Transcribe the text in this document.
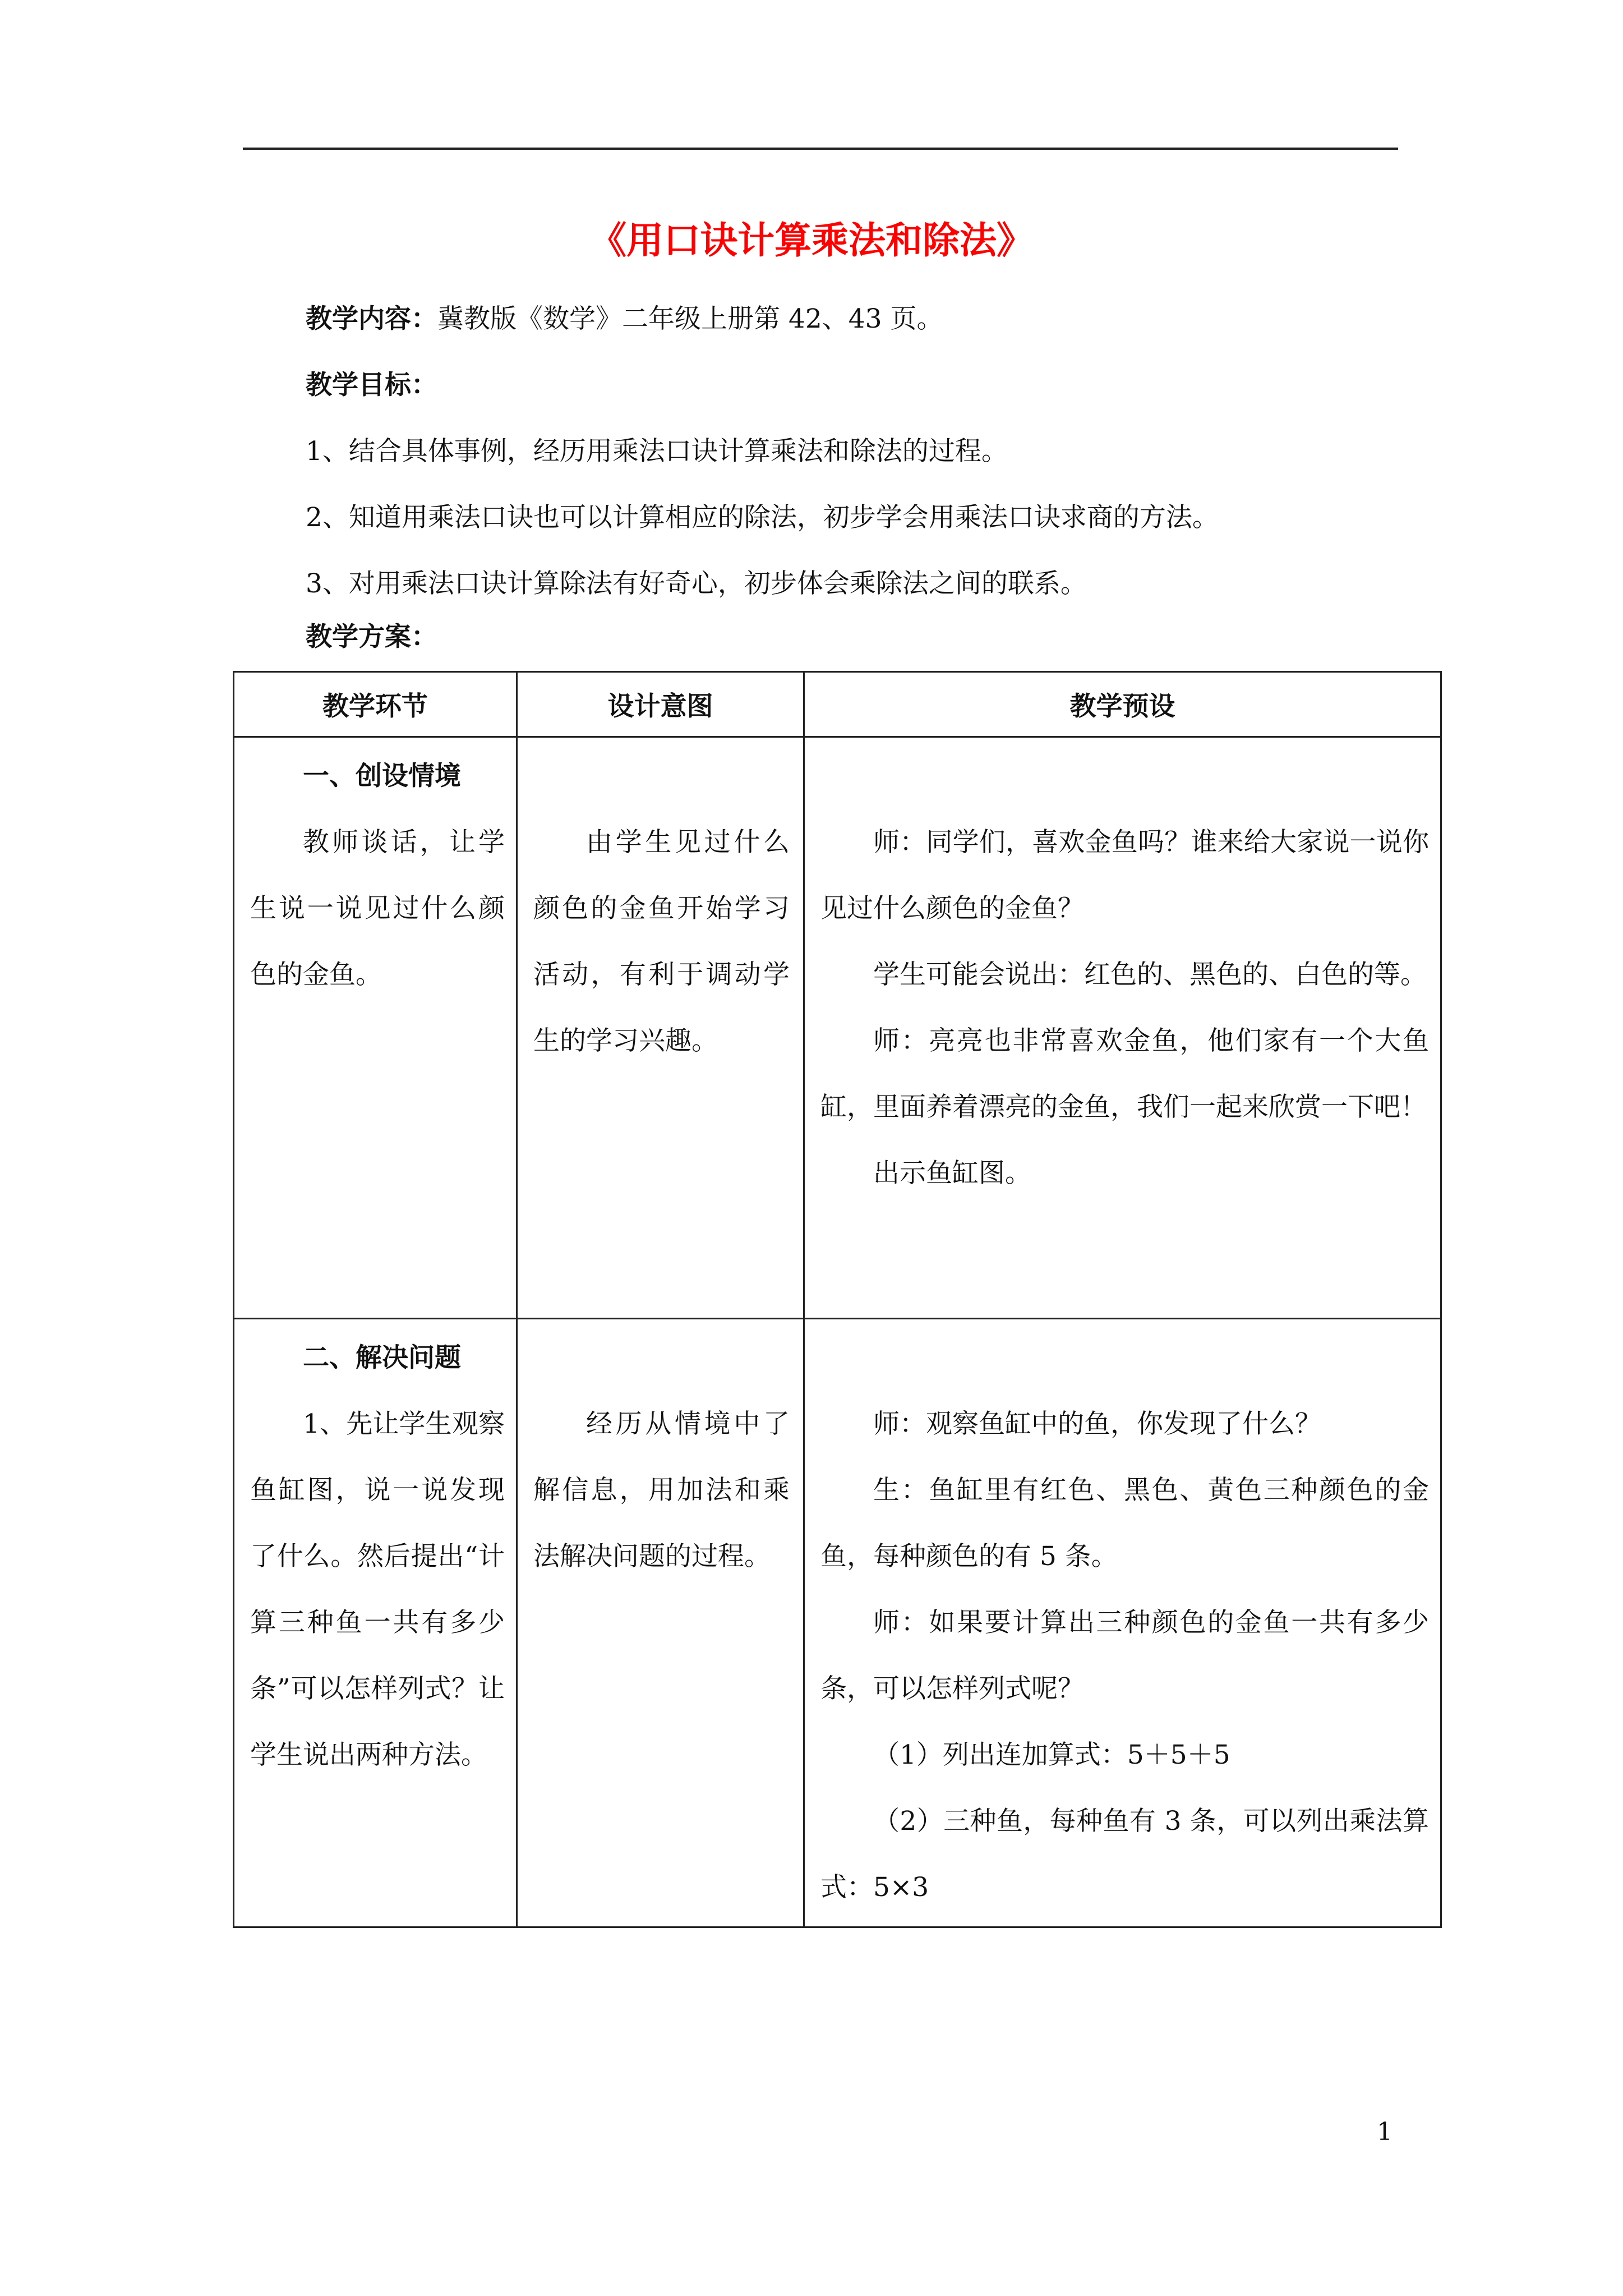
《用口诀计算乘法和除法》
教学内容：冀教版《数学》二年级上册第 42、43 页。
教学目标：
1、结合具体事例，经历用乘法口诀计算乘法和除法的过程。
2、知道用乘法口诀也可以计算相应的除法，初步学会用乘法口诀求商的方法。
3、对用乘法口诀计算除法有好奇心，初步体会乘除法之间的联系。
教学方案：
教学环节	设计意图	教学预设

一、创设情境
教师谈话，让学生说一说见过什么颜色的金鱼。	由学生见过什么颜色的金鱼开始学习活动，有利于调动学生的学习兴趣。	师：同学们，喜欢金鱼吗？谁来给大家说一说你见过什么颜色的金鱼？
学生可能会说出：红色的、黑色的、白色的等。
师：亮亮也非常喜欢金鱼，他们家有一个大鱼缸，里面养着漂亮的金鱼，我们一起来欣赏一下吧！
出示鱼缸图。

二、解决问题
1、先让学生观察鱼缸图，说一说发现了什么。然后提出“计算三种鱼一共有多少条”可以怎样列式？让学生说出两种方法。	经历从情境中了解信息，用加法和乘法解决问题的过程。	师：观察鱼缸中的鱼，你发现了什么？
生：鱼缸里有红色、黑色、黄色三种颜色的金鱼，每种颜色的有 5 条。
师：如果要计算出三种颜色的金鱼一共有多少条，可以怎样列式呢？
（1）列出连加算式：5＋5＋5
（2）三种鱼，每种鱼有 3 条，可以列出乘法算式：5×3
1
